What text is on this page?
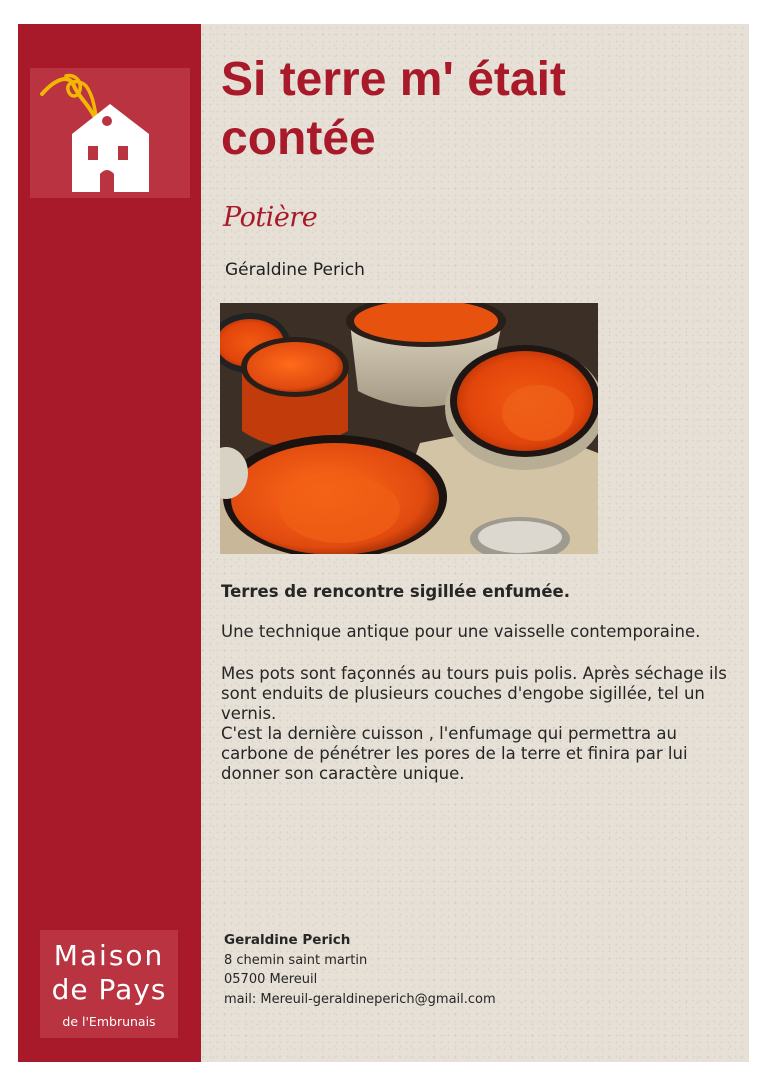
Maison
de Pays
de l'Embrunais
Si terre m' était
contée
Potière
Géraldine Perich

Terres de rencontre sigillée enfumée.

Une technique antique pour une vaisselle contemporaine.

Mes pots sont façonnés au tours puis polis. Après séchage ils sont enduits de plusieurs couches d'engobe sigillée, tel un vernis.

C'est la dernière cuisson , l'enfumage qui permettra au carbone de pénétrer les pores de la terre et finira par lui donner son caractère unique.

Geraldine Perich
8 chemin saint martin
05700 Mereuil
mail: Mereuil-geraldineperich@gmail.com
